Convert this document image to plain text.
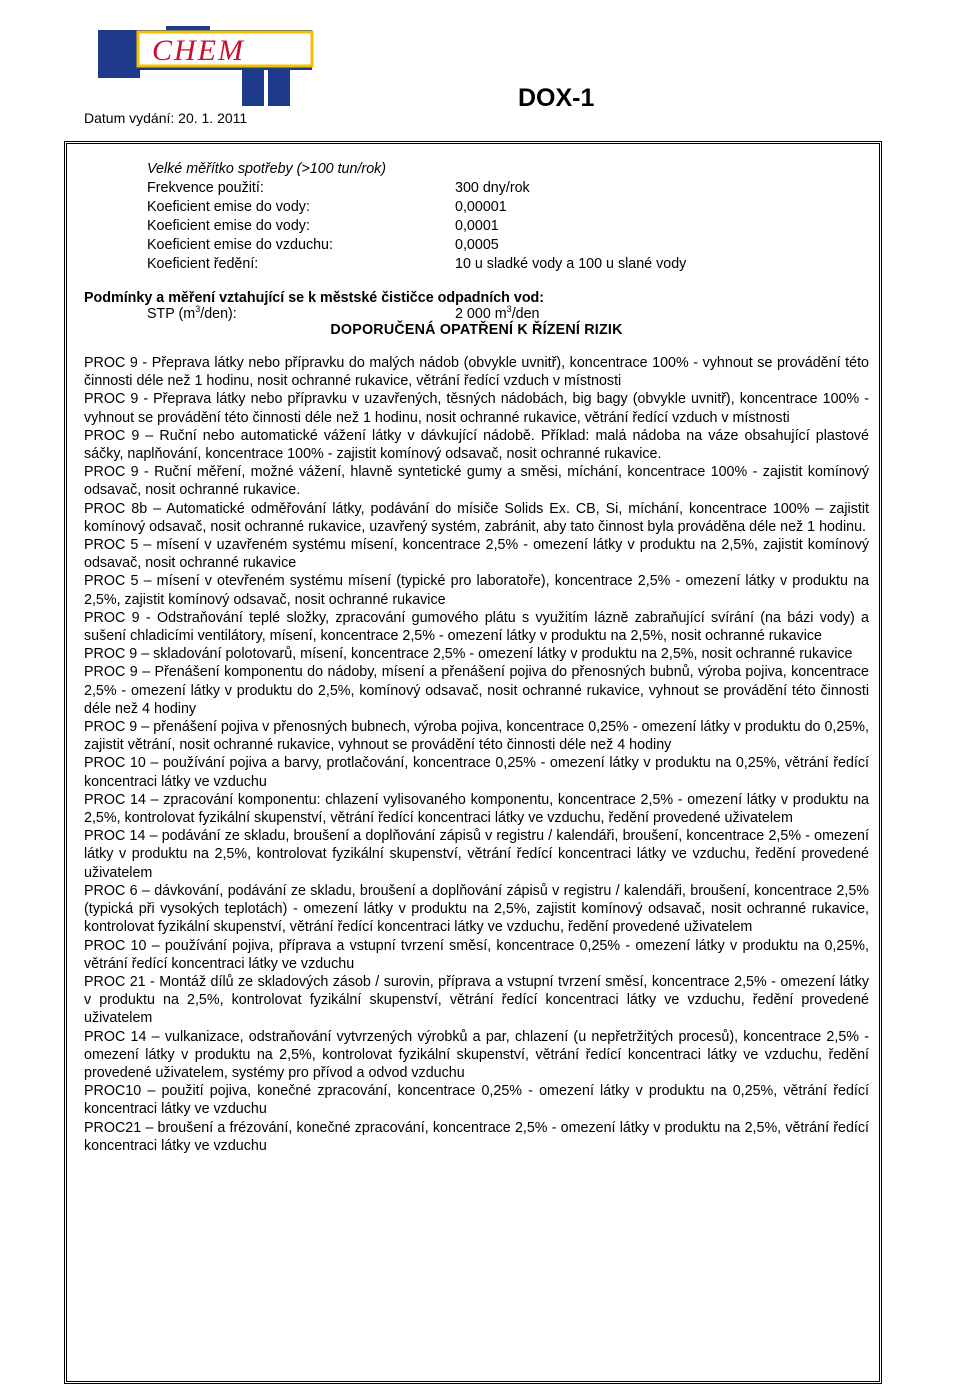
CHEM
Datum vydání: 20. 1. 2011
DOX-1
Velké měřítko spotřeby (>100 tun/rok)
Frekvence použití:	300 dny/rok
Koeficient emise do vody:	0,00001
Koeficient emise do vody:	0,0001
Koeficient emise do vzduchu:	0,0005
Koeficient ředění:	10 u sladké vody a 100 u slané vody
Podmínky a měření vztahující se k městské čističce odpadních vod:
STP $(m^3/den)$:	2 000 $m^3$/den
DOPORUČENÁ OPATŘENÍ K ŘÍZENÍ RIZIK

PROC 9 - Přeprava látky nebo přípravku do malých nádob (obvykle uvnitř), koncentrace 100% - vyhnout se provádění této činnosti déle než 1 hodinu, nosit ochranné rukavice, větrání ředící vzduch v místnosti

PROC 9 - Přeprava látky nebo přípravku v uzavřených, těsných nádobách, big bagy (obvykle uvnitř), koncentrace 100% - vyhnout se provádění této činnosti déle než 1 hodinu, nosit ochranné rukavice, větrání ředící vzduch v místnosti

PROC 9 – Ruční nebo automatické vážení látky v dávkující nádobě. Příklad: malá nádoba na váze obsahující plastové sáčky, naplňování, koncentrace 100% - zajistit komínový odsavač, nosit ochranné rukavice.

PROC 9 - Ruční měření, možné vážení, hlavně syntetické gumy a směsi, míchání, koncentrace 100% - zajistit komínový odsavač, nosit ochranné rukavice.

PROC 8b – Automatické odměřování látky, podávání do mísiče Solids Ex. CB, Si, míchání, koncentrace 100% – zajistit komínový odsavač, nosit ochranné rukavice, uzavřený systém, zabránit, aby tato činnost byla prováděna déle než 1 hodinu.

PROC 5 – mísení v uzavřeném systému mísení, koncentrace 2,5% - omezení látky v produktu na 2,5%, zajistit komínový odsavač, nosit ochranné rukavice

PROC 5 – mísení v otevřeném systému mísení (typické pro laboratoře), koncentrace 2,5% - omezení látky v produktu na 2,5%, zajistit komínový odsavač, nosit ochranné rukavice

PROC 9 - Odstraňování teplé složky, zpracování gumového plátu s využitím lázně zabraňující svírání (na bázi vody) a sušení chladicími ventilátory, mísení, koncentrace 2,5% - omezení látky v produktu na 2,5%, nosit ochranné rukavice

PROC 9 – skladování polotovarů, mísení, koncentrace 2,5% - omezení látky v produktu na 2,5%, nosit ochranné rukavice

PROC 9 – Přenášení komponentu do nádoby, mísení a přenášení pojiva do přenosných bubnů, výroba pojiva, koncentrace 2,5% - omezení látky v produktu do 2,5%, komínový odsavač, nosit ochranné rukavice, vyhnout se provádění této činnosti déle než 4 hodiny

PROC 9 – přenášení pojiva v přenosných bubnech, výroba pojiva, koncentrace 0,25% - omezení látky v produktu do 0,25%, zajistit větrání, nosit ochranné rukavice, vyhnout se provádění této činnosti déle než 4 hodiny

PROC 10 – používání pojiva a barvy, protlačování, koncentrace 0,25% - omezení látky v produktu na 0,25%, větrání ředící koncentraci látky ve vzduchu

PROC 14 – zpracování komponentu: chlazení vylisovaného komponentu, koncentrace 2,5% - omezení látky v produktu na 2,5%, kontrolovat fyzikální skupenství, větrání ředící koncentraci látky ve vzduchu, ředění provedené uživatelem

PROC 14 – podávání ze skladu, broušení a doplňování zápisů v registru / kalendáři, broušení, koncentrace 2,5% - omezení látky v produktu na 2,5%, kontrolovat fyzikální skupenství, větrání ředící koncentraci látky ve vzduchu, ředění provedené uživatelem

PROC 6 – dávkování, podávání ze skladu, broušení a doplňování zápisů v registru / kalendáři, broušení, koncentrace 2,5% (typická při vysokých teplotách) - omezení látky v produktu na 2,5%, zajistit komínový odsavač, nosit ochranné rukavice, kontrolovat fyzikální skupenství, větrání ředící koncentraci látky ve vzduchu, ředění provedené uživatelem

PROC 10 – používání pojiva, příprava a vstupní tvrzení směsí, koncentrace 0,25% - omezení látky v produktu na 0,25%, větrání ředící koncentraci látky ve vzduchu

PROC 21 - Montáž dílů ze skladových zásob / surovin, příprava a vstupní tvrzení směsí, koncentrace 2,5% - omezení látky v produktu na 2,5%, kontrolovat fyzikální skupenství, větrání ředící koncentraci látky ve vzduchu, ředění provedené uživatelem

PROC 14 – vulkanizace, odstraňování vytvrzených výrobků a par, chlazení (u nepřetržitých procesů), koncentrace 2,5% - omezení látky v produktu na 2,5%, kontrolovat fyzikální skupenství, větrání ředící koncentraci látky ve vzduchu, ředění provedené uživatelem, systémy pro přívod a odvod vzduchu

PROC10 – použití pojiva, konečné zpracování, koncentrace 0,25% - omezení látky v produktu na 0,25%, větrání ředící koncentraci látky ve vzduchu

PROC21 – broušení a frézování, konečné zpracování, koncentrace 2,5% - omezení látky v produktu na 2,5%, větrání ředící koncentraci látky ve vzduchu
